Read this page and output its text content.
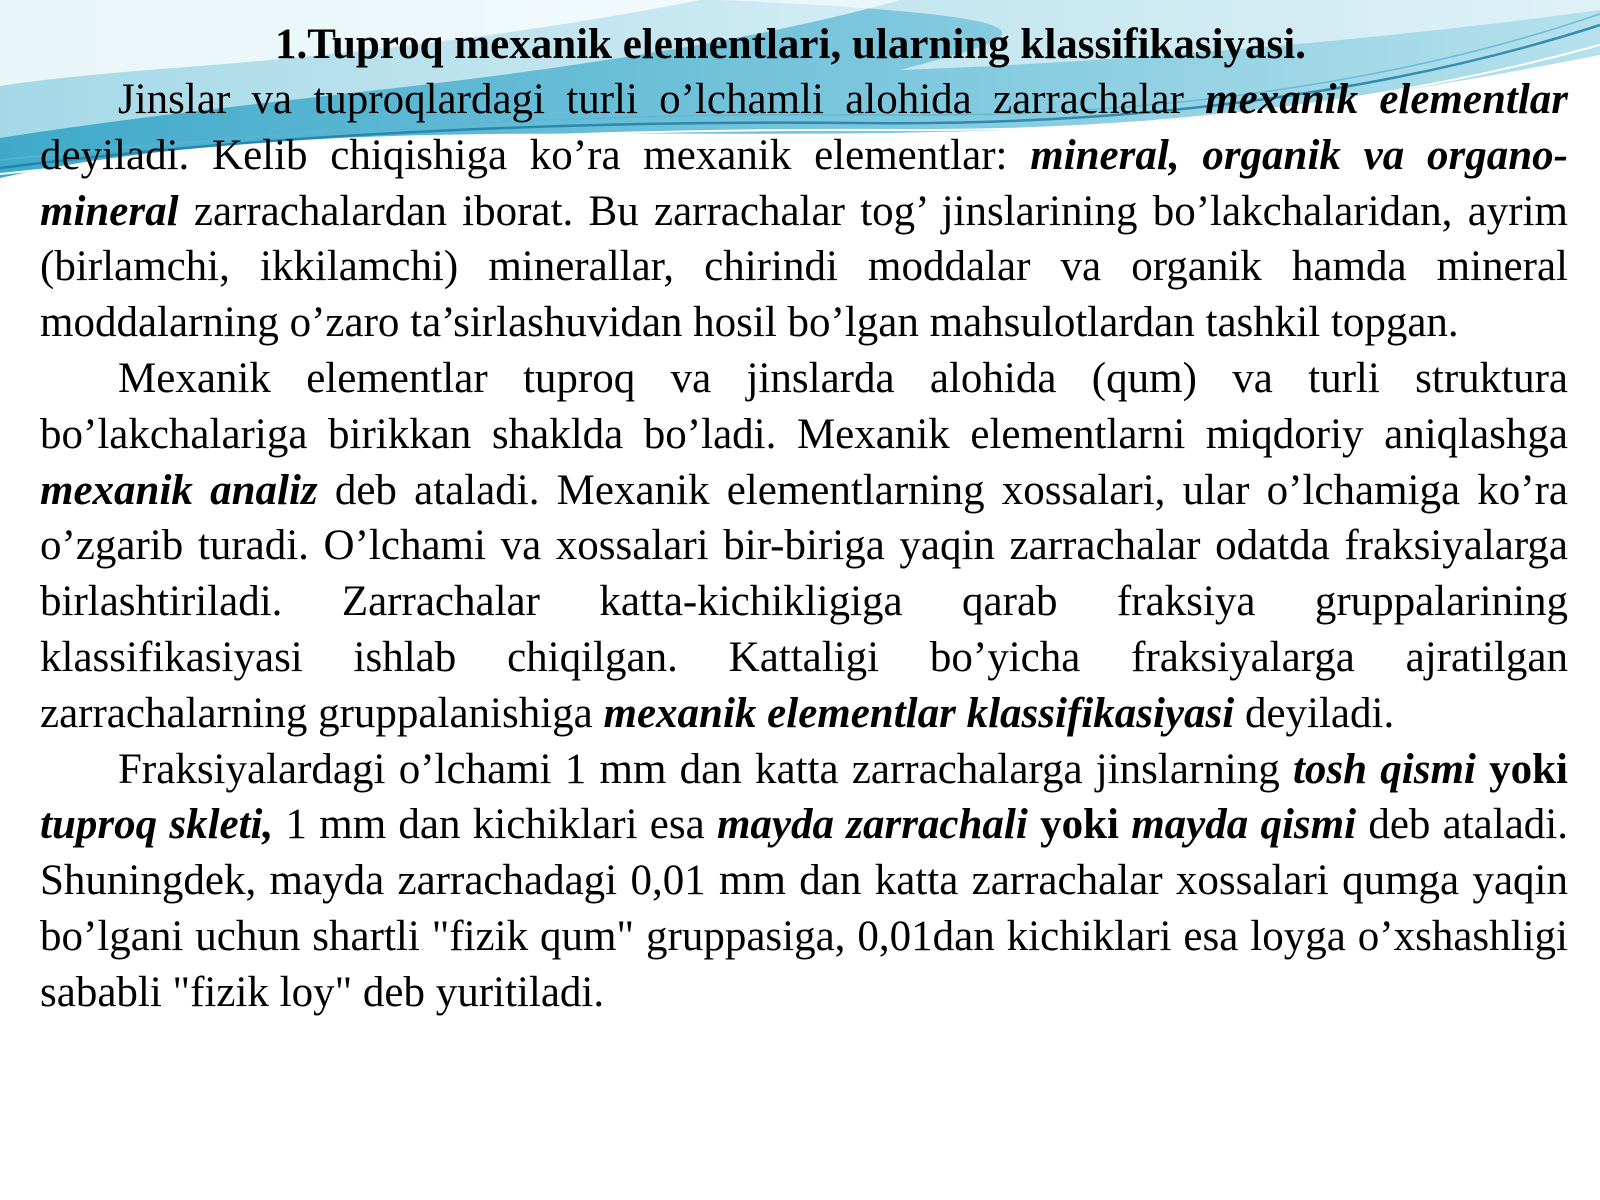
1.Tuproq mexanik elementlari, ularning klassifikasiyasi.

Jinslar va tuproqlardagi turli o’lchamli alohida zarrachalar mexanik elementlar deyiladi. Kelib chiqishiga ko’ra mexanik elementlar: mineral, organik va organo-mineral zarrachalardan iborat. Bu zarrachalar tog’ jinslarining bo’lakchalaridan, ayrim (birlamchi, ikkilamchi) minerallar, chirindi moddalar va organik hamda mineral moddalarning o’zaro ta’sirlashuvidan hosil bo’lgan mahsulotlardan tashkil topgan.

Mexanik elementlar tuproq va jinslarda alohida (qum) va turli struktura bo’lakchalariga birikkan shaklda bo’ladi. Mexanik elementlarni miqdoriy aniqlashga mexanik analiz deb ataladi. Mexanik elementlarning xossalari, ular o’lchamiga ko’ra o’zgarib turadi. O’lchami va xossalari bir-biriga yaqin zarrachalar odatda fraksiyalarga birlashtiriladi. Zarrachalar katta-kichikligiga qarab fraksiya gruppalarining klassifikasiyasi ishlab chiqilgan. Kattaligi bo’yicha fraksiyalarga ajratilgan zarrachalarning gruppalanishiga mexanik elementlar klassifikasiyasi deyiladi.

Fraksiyalardagi o’lchami 1 mm dan katta zarrachalarga jinslarning tosh qismi yoki tuproq skleti, 1 mm dan kichiklari esa mayda zarrachali yoki mayda qismi deb ataladi. Shuningdek, mayda zarrachadagi 0,01 mm dan katta zarrachalar xossalari qumga yaqin bo’lgani uchun shartli "fizik qum" gruppasiga, 0,01dan kichiklari esa loyga o’xshashligi sababli "fizik loy" deb yuritiladi.
